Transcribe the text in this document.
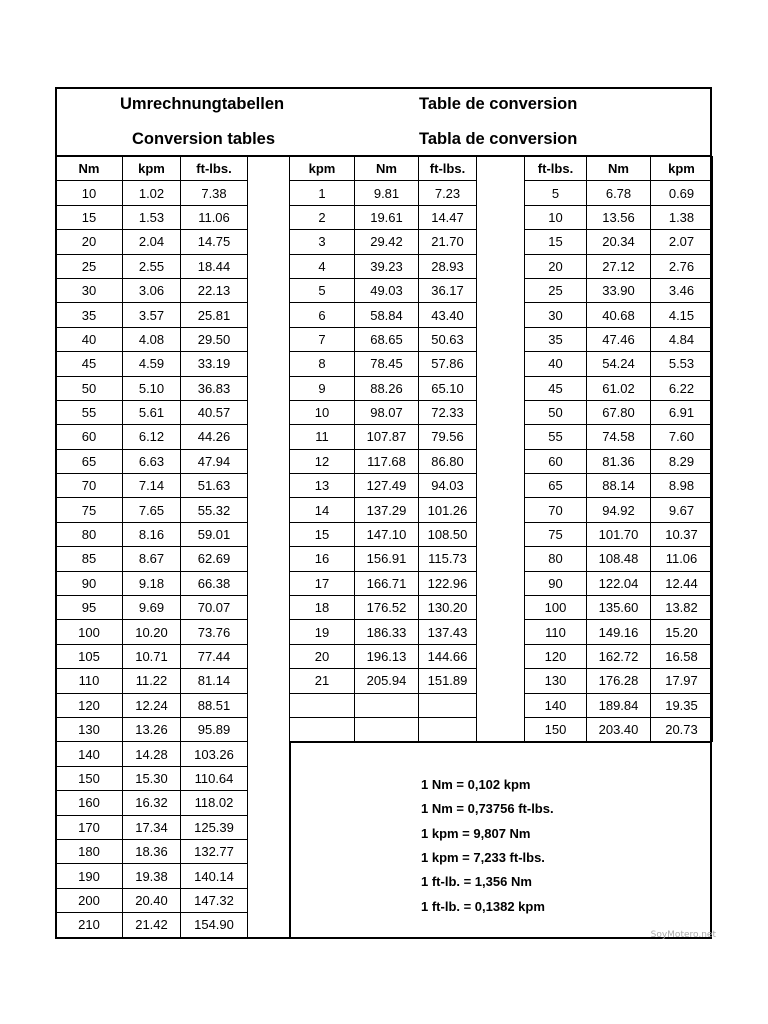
Umrechnungtabellen
Conversion tables
Table de conversion
Tabla de conversion
Nm	kpm	ft-lbs.
10	1.02	7.38
15	1.53	11.06
20	2.04	14.75
25	2.55	18.44
30	3.06	22.13
35	3.57	25.81
40	4.08	29.50
45	4.59	33.19
50	5.10	36.83
55	5.61	40.57
60	6.12	44.26
65	6.63	47.94
70	7.14	51.63
75	7.65	55.32
80	8.16	59.01
85	8.67	62.69
90	9.18	66.38
95	9.69	70.07
100	10.20	73.76
105	10.71	77.44
110	11.22	81.14
120	12.24	88.51
130	13.26	95.89
140	14.28	103.26
150	15.30	110.64
160	16.32	118.02
170	17.34	125.39
180	18.36	132.77
190	19.38	140.14
200	20.40	147.32
210	21.42	154.90
kpm	Nm	ft-lbs.
1	9.81	7.23
2	19.61	14.47
3	29.42	21.70
4	39.23	28.93
5	49.03	36.17
6	58.84	43.40
7	68.65	50.63
8	78.45	57.86
9	88.26	65.10
10	98.07	72.33
11	107.87	79.56
12	117.68	86.80
13	127.49	94.03
14	137.29	101.26
15	147.10	108.50
16	156.91	115.73
17	166.71	122.96
18	176.52	130.20
19	186.33	137.43
20	196.13	144.66
21	205.94	151.89

ft-lbs.	Nm	kpm
5	6.78	0.69
10	13.56	1.38
15	20.34	2.07
20	27.12	2.76
25	33.90	3.46
30	40.68	4.15
35	47.46	4.84
40	54.24	5.53
45	61.02	6.22
50	67.80	6.91
55	74.58	7.60
60	81.36	8.29
65	88.14	8.98
70	94.92	9.67
75	101.70	10.37
80	108.48	11.06
90	122.04	12.44
100	135.60	13.82
110	149.16	15.20
120	162.72	16.58
130	176.28	17.97
140	189.84	19.35
150	203.40	20.73
1 Nm = 0,102 kpm
1 Nm = 0,73756 ft-lbs.
1 kpm = 9,807 Nm
1 kpm = 7,233 ft-lbs.
1 ft-lb. = 1,356 Nm
1 ft-lb. = 0,1382 kpm
SoyMotero.net
